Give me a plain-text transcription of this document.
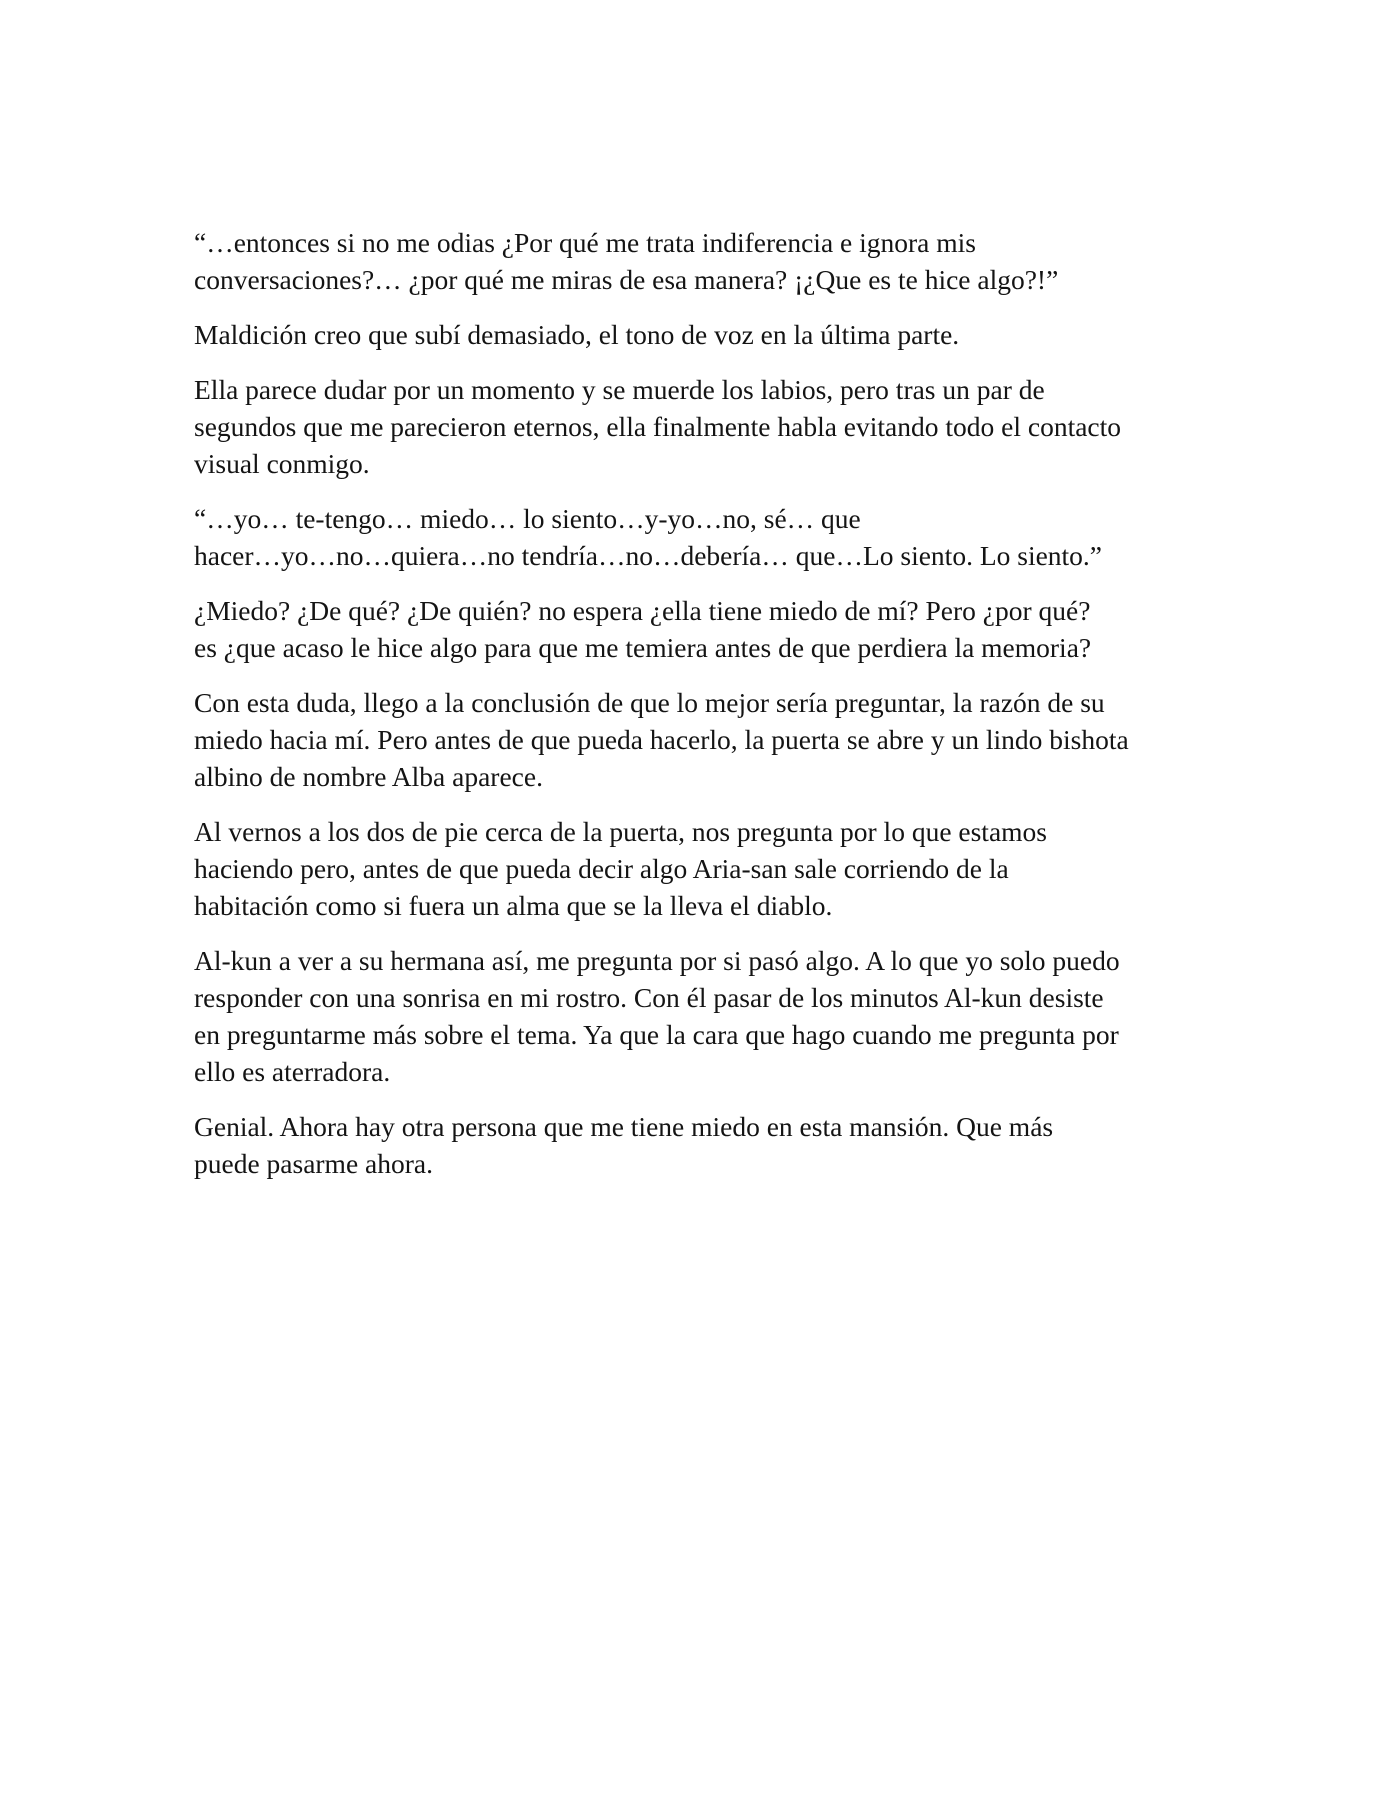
“…entonces si no me odias ¿Por qué me trata indiferencia e ignora mis
conversaciones?… ¿por qué me miras de esa manera? ¡¿Que es te hice algo?!”

Maldición creo que subí demasiado, el tono de voz en la última parte.

Ella parece dudar por un momento y se muerde los labios, pero tras un par de
segundos que me parecieron eternos, ella finalmente habla evitando todo el contacto
visual conmigo.

“…yo… te-tengo… miedo… lo siento…y-yo…no, sé… que
hacer…yo…no…quiera…no tendría…no…debería… que…Lo siento. Lo siento.”

¿Miedo? ¿De qué? ¿De quién? no espera ¿ella tiene miedo de mí? Pero ¿por qué?
es ¿que acaso le hice algo para que me temiera antes de que perdiera la memoria?

Con esta duda, llego a la conclusión de que lo mejor sería preguntar, la razón de su
miedo hacia mí. Pero antes de que pueda hacerlo, la puerta se abre y un lindo bishota
albino de nombre Alba aparece.

Al vernos a los dos de pie cerca de la puerta, nos pregunta por lo que estamos
haciendo pero, antes de que pueda decir algo Aria-san sale corriendo de la
habitación como si fuera un alma que se la lleva el diablo.

Al-kun a ver a su hermana así, me pregunta por si pasó algo. A lo que yo solo puedo
responder con una sonrisa en mi rostro. Con él pasar de los minutos Al-kun desiste
en preguntarme más sobre el tema. Ya que la cara que hago cuando me pregunta por
ello es aterradora.

Genial. Ahora hay otra persona que me tiene miedo en esta mansión. Que más
puede pasarme ahora.
